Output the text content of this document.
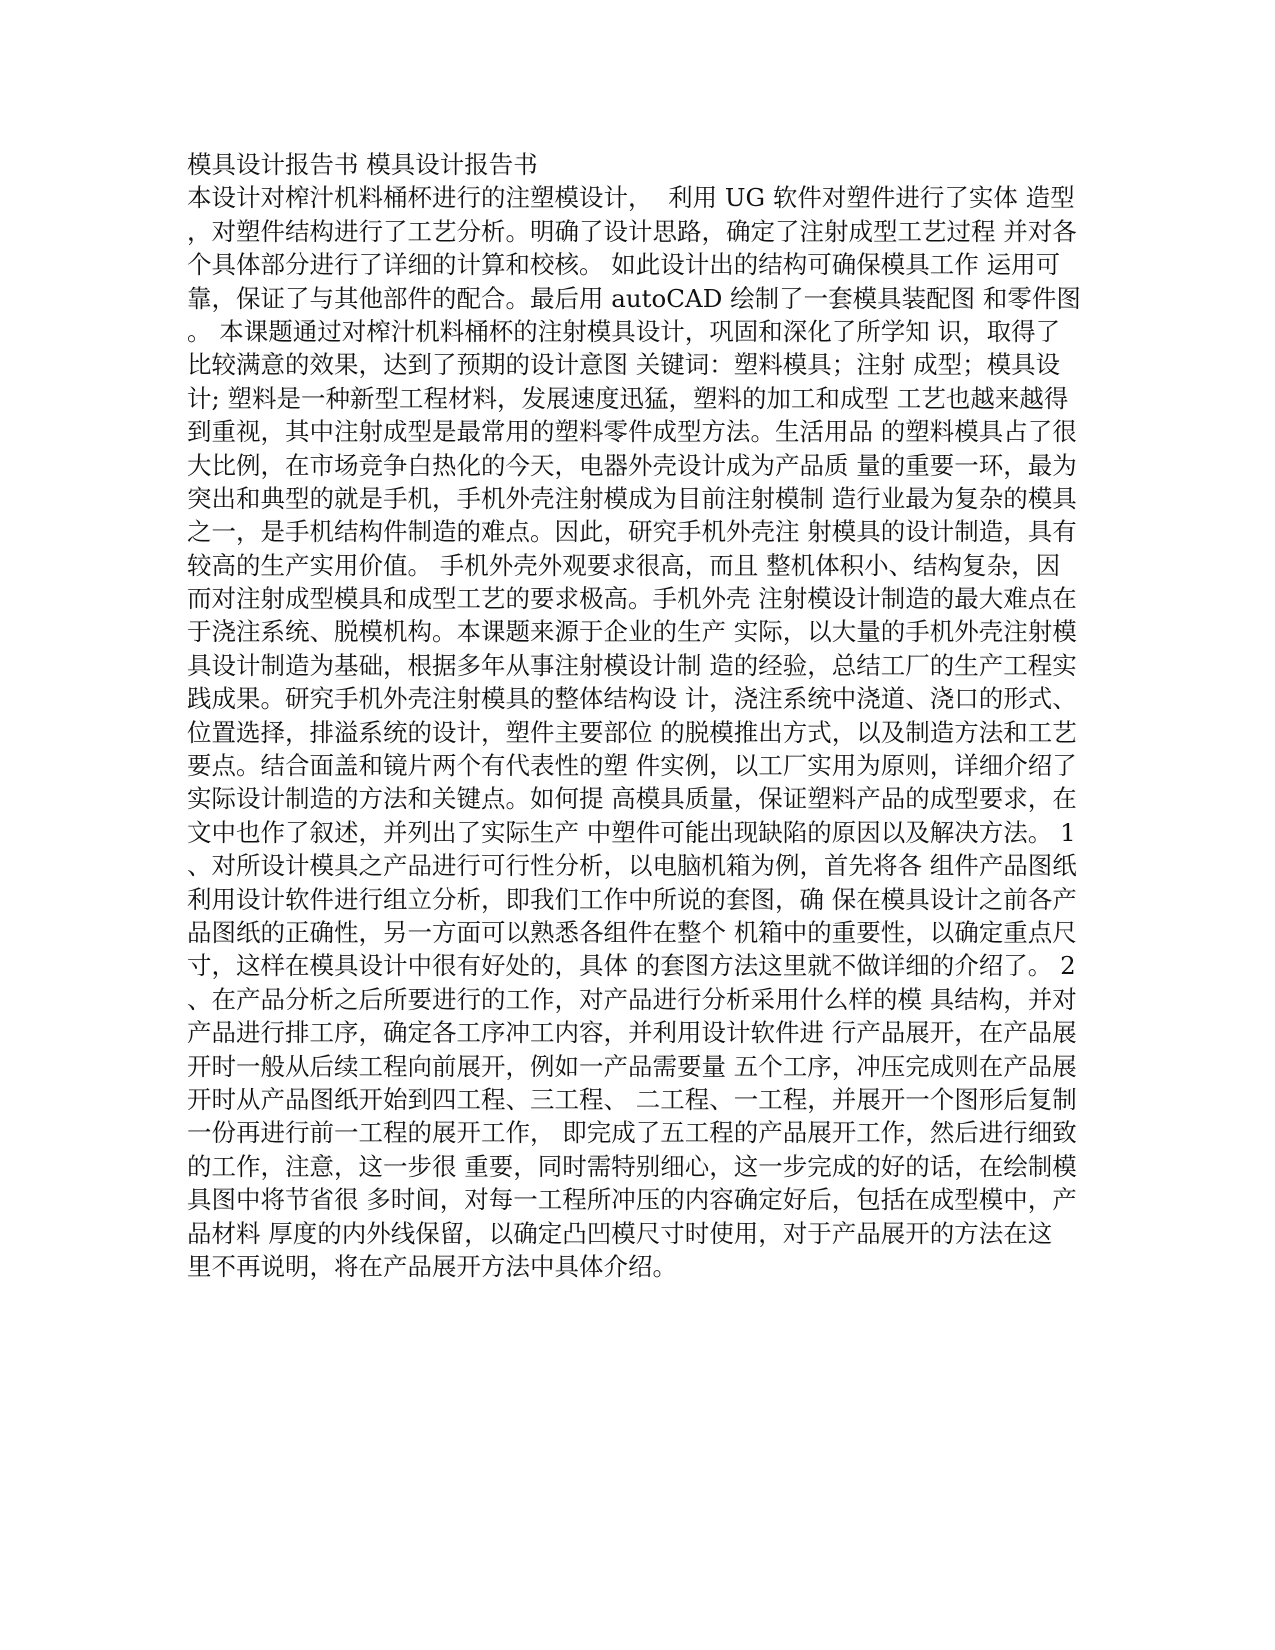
模具设计报告书 模具设计报告书
本设计对榨汁机料桶杯进行的注塑模设计，  利用 UG 软件对塑件进行了实体 造型
，对塑件结构进行了工艺分析。明确了设计思路，确定了注射成型工艺过程 并对各
个具体部分进行了详细的计算和校核。 如此设计出的结构可确保模具工作 运用可
靠，保证了与其他部件的配合。最后用 autoCAD 绘制了一套模具装配图 和零件图
。 本课题通过对榨汁机料桶杯的注射模具设计，巩固和深化了所学知 识，取得了
比较满意的效果，达到了预期的设计意图 关键词：塑料模具；注射 成型；模具设
计; 塑料是一种新型工程材料，发展速度迅猛，塑料的加工和成型 工艺也越来越得
到重视，其中注射成型是最常用的塑料零件成型方法。生活用品 的塑料模具占了很
大比例，在市场竞争白热化的今天，电器外壳设计成为产品质 量的重要一环，最为
突出和典型的就是手机，手机外壳注射模成为目前注射模制 造行业最为复杂的模具
之一，是手机结构件制造的难点。因此，研究手机外壳注 射模具的设计制造，具有
较高的生产实用价值。 手机外壳外观要求很高，而且 整机体积小、结构复杂，因
而对注射成型模具和成型工艺的要求极高。手机外壳 注射模设计制造的最大难点在
于浇注系统、脱模机构。本课题来源于企业的生产 实际，以大量的手机外壳注射模
具设计制造为基础，根据多年从事注射模设计制 造的经验，总结工厂的生产工程实
践成果。研究手机外壳注射模具的整体结构设 计，浇注系统中浇道、浇口的形式、
位置选择，排溢系统的设计，塑件主要部位 的脱模推出方式，以及制造方法和工艺
要点。结合面盖和镜片两个有代表性的塑 件实例，以工厂实用为原则，详细介绍了
实际设计制造的方法和关键点。如何提 高模具质量，保证塑料产品的成型要求，在
文中也作了叙述，并列出了实际生产 中塑件可能出现缺陷的原因以及解决方法。 1
、对所设计模具之产品进行可行性分析，以电脑机箱为例，首先将各 组件产品图纸
利用设计软件进行组立分析，即我们工作中所说的套图，确 保在模具设计之前各产
品图纸的正确性，另一方面可以熟悉各组件在整个 机箱中的重要性，以确定重点尺
寸，这样在模具设计中很有好处的，具体 的套图方法这里就不做详细的介绍了。 2
、在产品分析之后所要进行的工作，对产品进行分析采用什么样的模 具结构，并对
产品进行排工序，确定各工序冲工内容，并利用设计软件进 行产品展开，在产品展
开时一般从后续工程向前展开，例如一产品需要量 五个工序，冲压完成则在产品展
开时从产品图纸开始到四工程、三工程、 二工程、一工程，并展开一个图形后复制
一份再进行前一工程的展开工作， 即完成了五工程的产品展开工作，然后进行细致
的工作，注意，这一步很 重要，同时需特别细心，这一步完成的好的话，在绘制模
具图中将节省很 多时间，对每一工程所冲压的内容确定好后，包括在成型模中，产
品材料 厚度的内外线保留，以确定凸凹模尺寸时使用，对于产品展开的方法在这
里不再说明，将在产品展开方法中具体介绍。
